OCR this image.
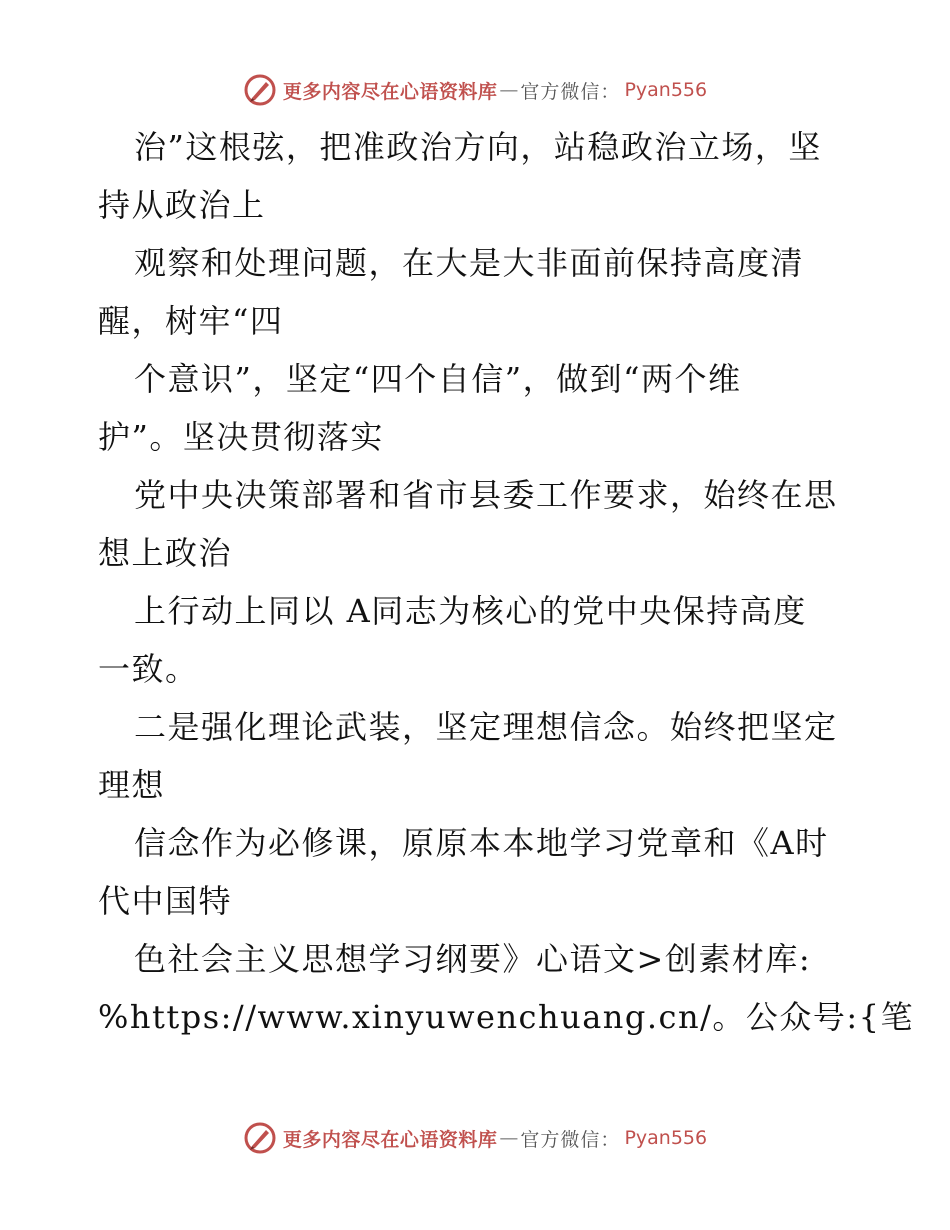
更多内容尽在心语资料库 — 官方微信： Pyan556
治”这根弦，把准政治方向，站稳政治立场，坚
持从政治上
观察和处理问题，在大是大非面前保持高度清
醒，树牢“四
个意识”，坚定“四个自信”，做到“两个维
护”。坚决贯彻落实
党中央决策部署和省市县委工作要求，始终在思
想上政治
上行动上同以 A同志为核心的党中央保持高度
一致。
二是强化理论武装，坚定理想信念。始终把坚定
理想
信念作为必修课，原原本本地学习党章和《A时
代中国特
色社会主义思想学习纲要》心语文>创素材库:
%https://www.xinyuwenchuang.cn/。公众号:{笔
更多内容尽在心语资料库 — 官方微信： Pyan556
